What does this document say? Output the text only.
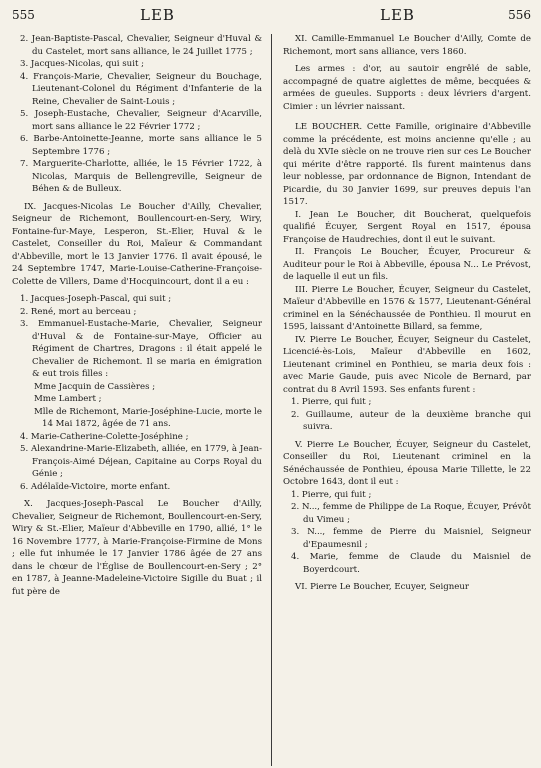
555	LEB	LEB	556

2. Jean-Baptiste-Pascal, Chevalier, Seigneur d'Huval & du Castelet, mort sans alliance, le 24 Juillet 1775 ;

3. Jacques-Nicolas, qui suit ;

4. François-Marie, Chevalier, Seigneur du Bouchage, Lieutenant-Colonel du Régiment d'Infanterie de la Reine, Chevalier de Saint-Louis ;

5. Joseph-Eustache, Chevalier, Seigneur d'Acarville, mort sans alliance le 22 Février 1772 ;

6. Barbe-Antoinette-Jeanne, morte sans alliance le 5 Septembre 1776 ;

7. Marguerite-Charlotte, alliée, le 15 Février 1722, à Nicolas, Marquis de Bellengreville, Seigneur de Béhen & de Bulleux.

IX. Jacques-Nicolas Le Boucher d'Ailly, Chevalier, Seigneur de Richemont, Boullencourt-en-Sery, Wiry, Fontaine-fur-Maye, Lesperon, St.-Elier, Huval & le Castelet, Conseiller du Roi, Maïeur & Commandant d'Abbeville, mort le 13 Janvier 1776. Il avait épousé, le 24 Septembre 1747, Marie-Louise-Catherine-Françoise-Colette de Villers, Dame d'Hocquincourt, dont il a eu :

1. Jacques-Joseph-Pascal, qui suit ;

2. René, mort au berceau ;

3. Emmanuel-Eustache-Marie, Chevalier, Seigneur d'Huval & de Fontaine-sur-Maye, Officier au Régiment de Chartres, Dragons : il était appelé le Chevalier de Richemont. Il se maria en émigration & eut trois filles :

Mme Jacquin de Cassières ;

Mme Lambert ;

Mlle de Richemont, Marie-Joséphine-Lucie, morte le 14 Mai 1872, âgée de 71 ans.

4. Marie-Catherine-Colette-Joséphine ;

5. Alexandrine-Marie-Elizabeth, alliée, en 1779, à Jean-François-Aimé Déjean, Capitaine au Corps Royal du Génie ;

6. Adélaïde-Victoire, morte enfant.

X. Jacques-Joseph-Pascal Le Boucher d'Ailly, Chevalier, Seigneur de Richemont, Boullencourt-en-Sery, Wiry & St.-Elier, Maïeur d'Abbeville en 1790, allié, 1° le 16 Novembre 1777, à Marie-Françoise-Firmine de Mons ; elle fut inhumée le 17 Janvier 1786 âgée de 27 ans dans le chœur de l'Église de Boullencourt-en-Sery ; 2° en 1787, à Jeanne-Madeleine-Victoire Sigille du Buat ; il fut père de

XI. Camille-Emmanuel Le Boucher d'Ailly, Comte de Richemont, mort sans alliance, vers 1860.

Les armes : d'or, au sautoir engrêlé de sable, accompagné de quatre aiglettes de même, becquées & armées de gueules. Supports : deux lévriers d'argent. Cimier : un lévrier naissant.

LE BOUCHER. Cette Famille, originaire d'Abbeville comme la précédente, est moins ancienne qu'elle ; au delà du XVIe siècle on ne trouve rien sur ces Le Boucher qui mérite d'être rapporté. Ils furent maintenus dans leur noblesse, par ordonnance de Bignon, Intendant de Picardie, du 30 Janvier 1699, sur preuves depuis l'an 1517.

I. Jean Le Boucher, dit Boucherat, quelquefois qualifié Écuyer, Sergent Royal en 1517, épousa Françoise de Haudrechies, dont il eut le suivant.

II. François Le Boucher, Écuyer, Procureur & Auditeur pour le Roi à Abbeville, épousa N... Le Prévost, de laquelle il eut un fils.

III. Pierre Le Boucher, Écuyer, Seigneur du Castelet, Maïeur d'Abbeville en 1576 & 1577, Lieutenant-Général criminel en la Sénéchaussée de Ponthieu. Il mourut en 1595, laissant d'Antoinette Billard, sa femme,

IV. Pierre Le Boucher, Écuyer, Seigneur du Castelet, Licencié-ès-Lois, Maïeur d'Abbeville en 1602, Lieutenant criminel en Ponthieu, se maria deux fois : avec Marie Gaude, puis avec Nicole de Bernard, par contrat du 8 Avril 1593. Ses enfants furent :

1. Pierre, qui fuit ;

2. Guillaume, auteur de la deuxième branche qui suivra.

V. Pierre Le Boucher, Écuyer, Seigneur du Castelet, Conseiller du Roi, Lieutenant criminel en la Sénéchaussée de Ponthieu, épousa Marie Tillette, le 22 Octobre 1643, dont il eut :

1. Pierre, qui fuit ;

2. N..., femme de Philippe de La Roque, Écuyer, Prévôt du Vimeu ;

3. N..., femme de Pierre du Maisniel, Seigneur d'Epaumesnil ;

4. Marie, femme de Claude du Maisniel de Boyerdcourt.

VI. Pierre Le Boucher, Ecuyer, Seigneur
